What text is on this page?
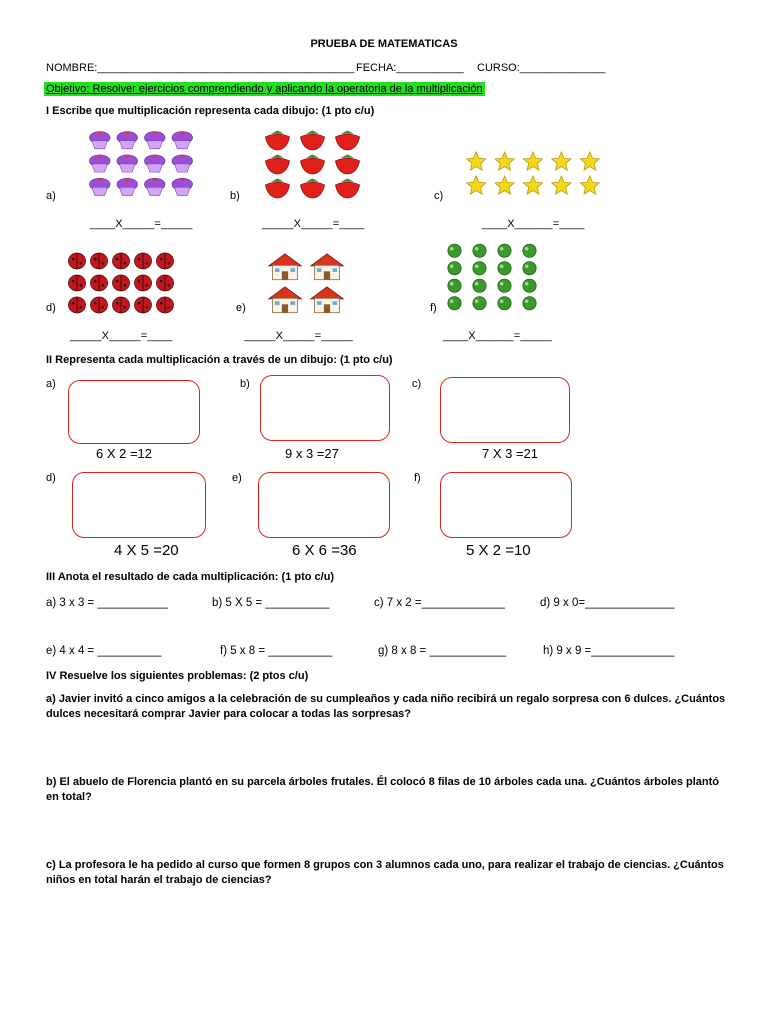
PRUEBA DE MATEMATICAS
NOMBRE:__________________________________________ FECHA:___________ CURSO:______________
Objetivo: Resolver ejercicios comprendiendo y aplicando la operatoria de la multiplicación
I Escribe que multiplicación representa cada dibujo: (1 pto c/u)
a)	b)	c)
____X_____=_____	_____X_____=____	____X______=____
d)	e)	f)
_____X_____=____	_____X_____=_____	____X______=_____
II Representa cada multiplicación a través de un dibujo: (1 pto c/u)
a)	b)	c)
6 X 2 =12	9 x 3 =27	7 X 3 =21
d)	e)	f)
4 X 5 =20	6 X 6 =36	5 X 2 =10
III Anota el resultado de cada multiplicación: (1 pto c/u)
a) 3 x 3 = ___________	b) 5 X 5 = __________	c) 7 x 2 =_____________	d) 9 x 0=______________
e) 4 x 4 = __________	f) 5 x 8 = __________	g) 8 x 8 = ____________	h) 9 x 9 =_____________
IV Resuelve los siguientes problemas: (2 ptos c/u)
a) Javier invitó a cinco amigos a la celebración de su cumpleaños y cada niño recibirá un regalo sorpresa con 6 dulces. ¿Cuántos dulces necesitará comprar Javier para colocar a todas las sorpresas?
b) El abuelo de Florencia plantó en su parcela árboles frutales. Él colocó 8 filas de 10 árboles cada una. ¿Cuántos árboles plantó en total?
c) La profesora le ha pedido al curso que formen 8 grupos con 3 alumnos cada uno, para realizar el trabajo de ciencias. ¿Cuántos niños en total harán el trabajo de ciencias?
